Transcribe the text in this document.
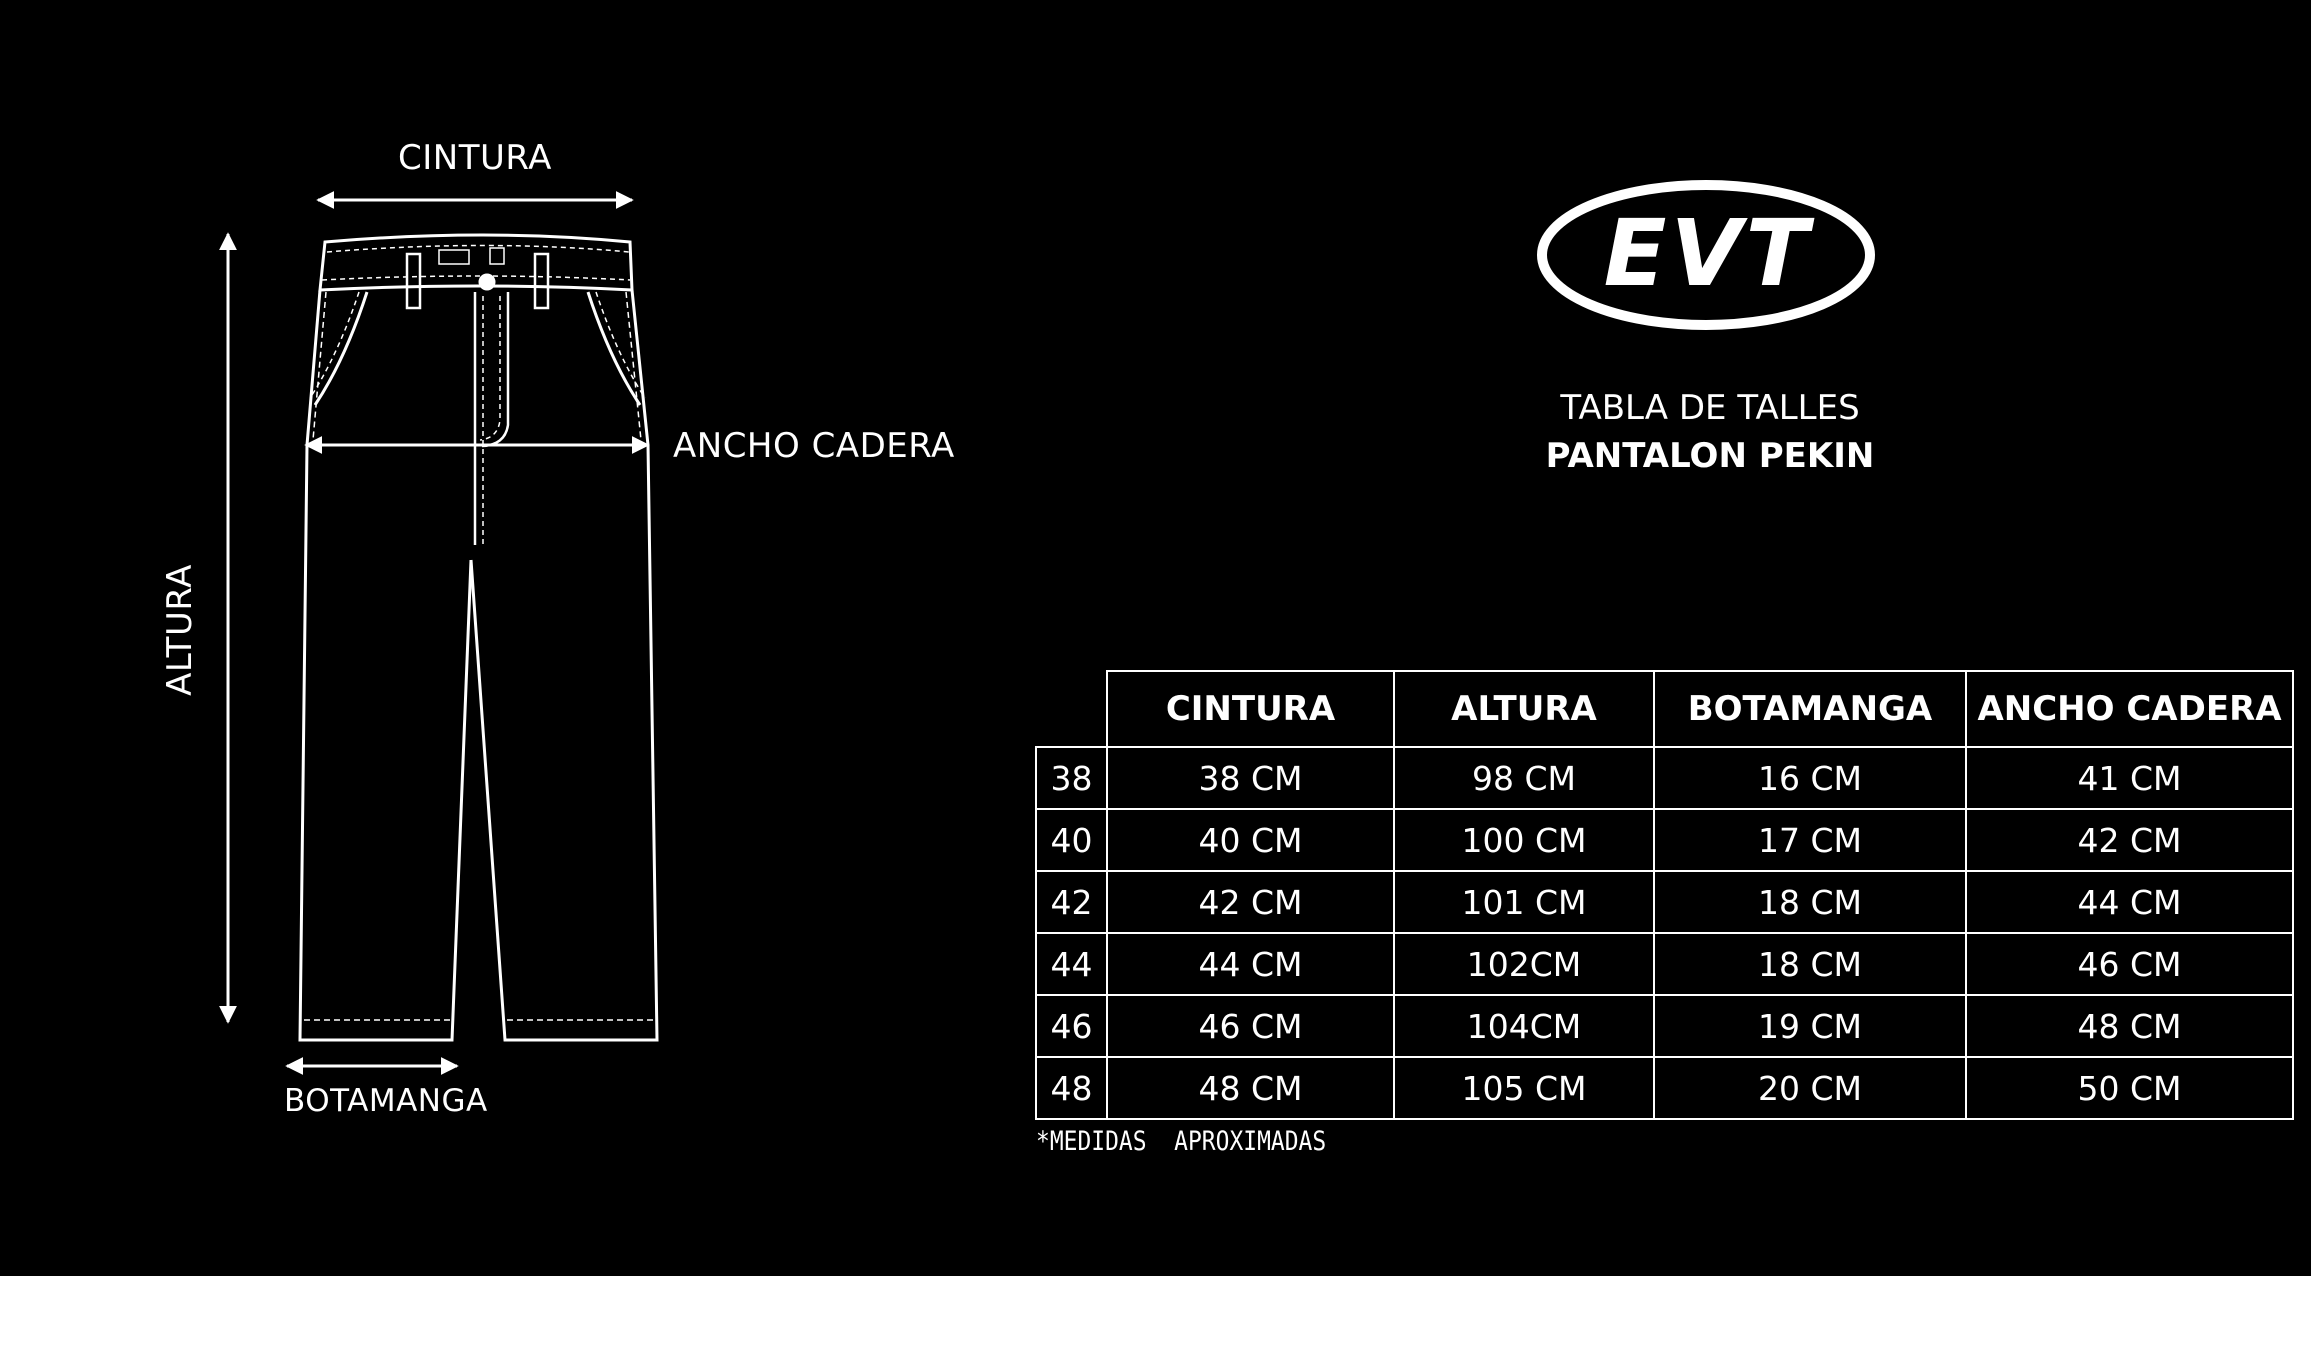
CINTURA
ANCHO CADERA
ALTURA
BOTAMANGA
EVT
TABLA DE TALLES
PANTALON PEKIN
	CINTURA	ALTURA	BOTAMANGA	ANCHO CADERA
38	38 CM	98 CM	16 CM	41 CM
40	40 CM	100 CM	17 CM	42 CM
42	42 CM	101 CM	18 CM	44 CM
44	44 CM	102CM	18 CM	46 CM
46	46 CM	104CM	19 CM	48 CM
48	48 CM	105 CM	20 CM	50 CM
*MEDIDAS  APROXIMADAS
